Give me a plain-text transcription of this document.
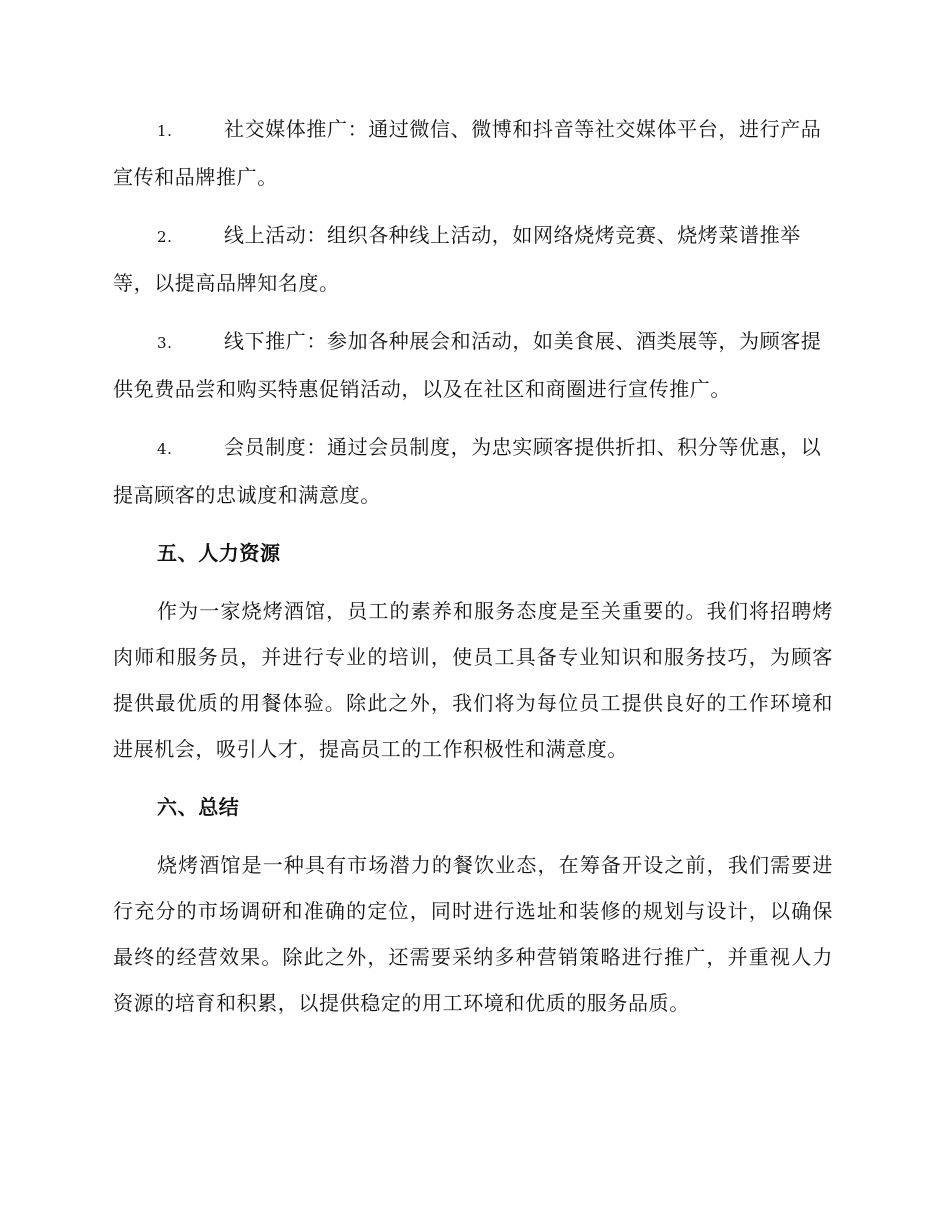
1.	社交媒体推广：通过微信、微博和抖音等社交媒体平台，进行产品宣传和品牌推广。

2.	线上活动：组织各种线上活动，如网络烧烤竞赛、烧烤菜谱推举等，以提高品牌知名度。

3.	线下推广：参加各种展会和活动，如美食展、酒类展等，为顾客提供免费品尝和购买特惠促销活动，以及在社区和商圈进行宣传推广。

4.	会员制度：通过会员制度，为忠实顾客提供折扣、积分等优惠，以提高顾客的忠诚度和满意度。

五、人力资源

作为一家烧烤酒馆，员工的素养和服务态度是至关重要的。我们将招聘烤肉师和服务员，并进行专业的培训，使员工具备专业知识和服务技巧，为顾客提供最优质的用餐体验。除此之外，我们将为每位员工提供良好的工作环境和进展机会，吸引人才，提高员工的工作积极性和满意度。

六、总结

烧烤酒馆是一种具有市场潜力的餐饮业态，在筹备开设之前，我们需要进行充分的市场调研和准确的定位，同时进行选址和装修的规划与设计，以确保最终的经营效果。除此之外，还需要采纳多种营销策略进行推广，并重视人力资源的培育和积累，以提供稳定的用工环境和优质的服务品质。
